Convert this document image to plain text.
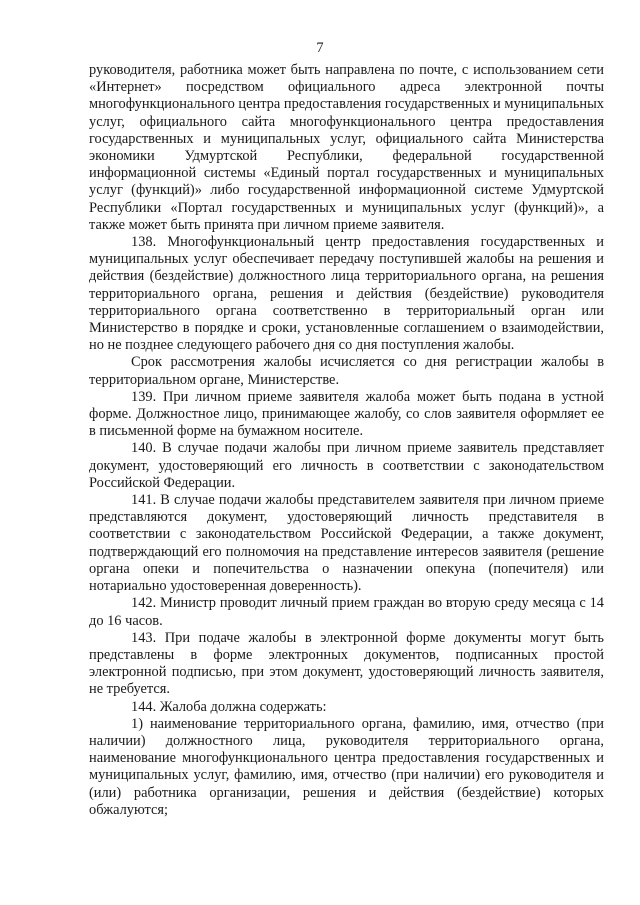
7

руководителя, работника может быть направлена по почте, с использованием сети «Интернет» посредством официального адреса электронной почты многофункционального центра предоставления государственных и муниципальных услуг, официального сайта многофункционального центра предоставления государственных и муниципальных услуг, официального сайта Министерства экономики Удмуртской Республики, федеральной государственной информационной системы «Единый портал государственных и муниципальных услуг (функций)» либо государственной информационной системе Удмуртской Республики «Портал государственных и муниципальных услуг (функций)», а также может быть принята при личном приеме заявителя.

138. Многофункциональный центр предоставления государственных и муниципальных услуг обеспечивает передачу поступившей жалобы на решения и действия (бездействие) должностного лица территориального органа, на решения территориального органа, решения и действия (бездействие) руководителя территориального органа соответственно в территориальный орган или Министерство в порядке и сроки, установленные соглашением о взаимодействии, но не позднее следующего рабочего дня со дня поступления жалобы.

Срок рассмотрения жалобы исчисляется со дня регистрации жалобы в территориальном органе, Министерстве.

139. При личном приеме заявителя жалоба может быть подана в устной форме. Должностное лицо, принимающее жалобу, со слов заявителя оформляет ее в письменной форме на бумажном носителе.

140. В случае подачи жалобы при личном приеме заявитель представляет документ, удостоверяющий его личность в соответствии с законодательством Российской Федерации.

141. В случае подачи жалобы представителем заявителя при личном приеме представляются документ, удостоверяющий личность представителя в соответствии с законодательством Российской Федерации, а также документ, подтверждающий его полномочия на представление интересов заявителя (решение органа опеки и попечительства о назначении опекуна (попечителя) или нотариально удостоверенная доверенность).

142. Министр проводит личный прием граждан во вторую среду месяца с 14 до 16 часов.

143. При подаче жалобы в электронной форме документы могут быть представлены в форме электронных документов, подписанных простой электронной подписью, при этом документ, удостоверяющий личность заявителя, не требуется.

144. Жалоба должна содержать:

1) наименование территориального органа, фамилию, имя, отчество (при наличии) должностного лица, руководителя территориального органа, наименование многофункционального центра предоставления государственных и муниципальных услуг, фамилию, имя, отчество (при наличии) его руководителя и (или) работника организации, решения и действия (бездействие) которых обжалуются;
